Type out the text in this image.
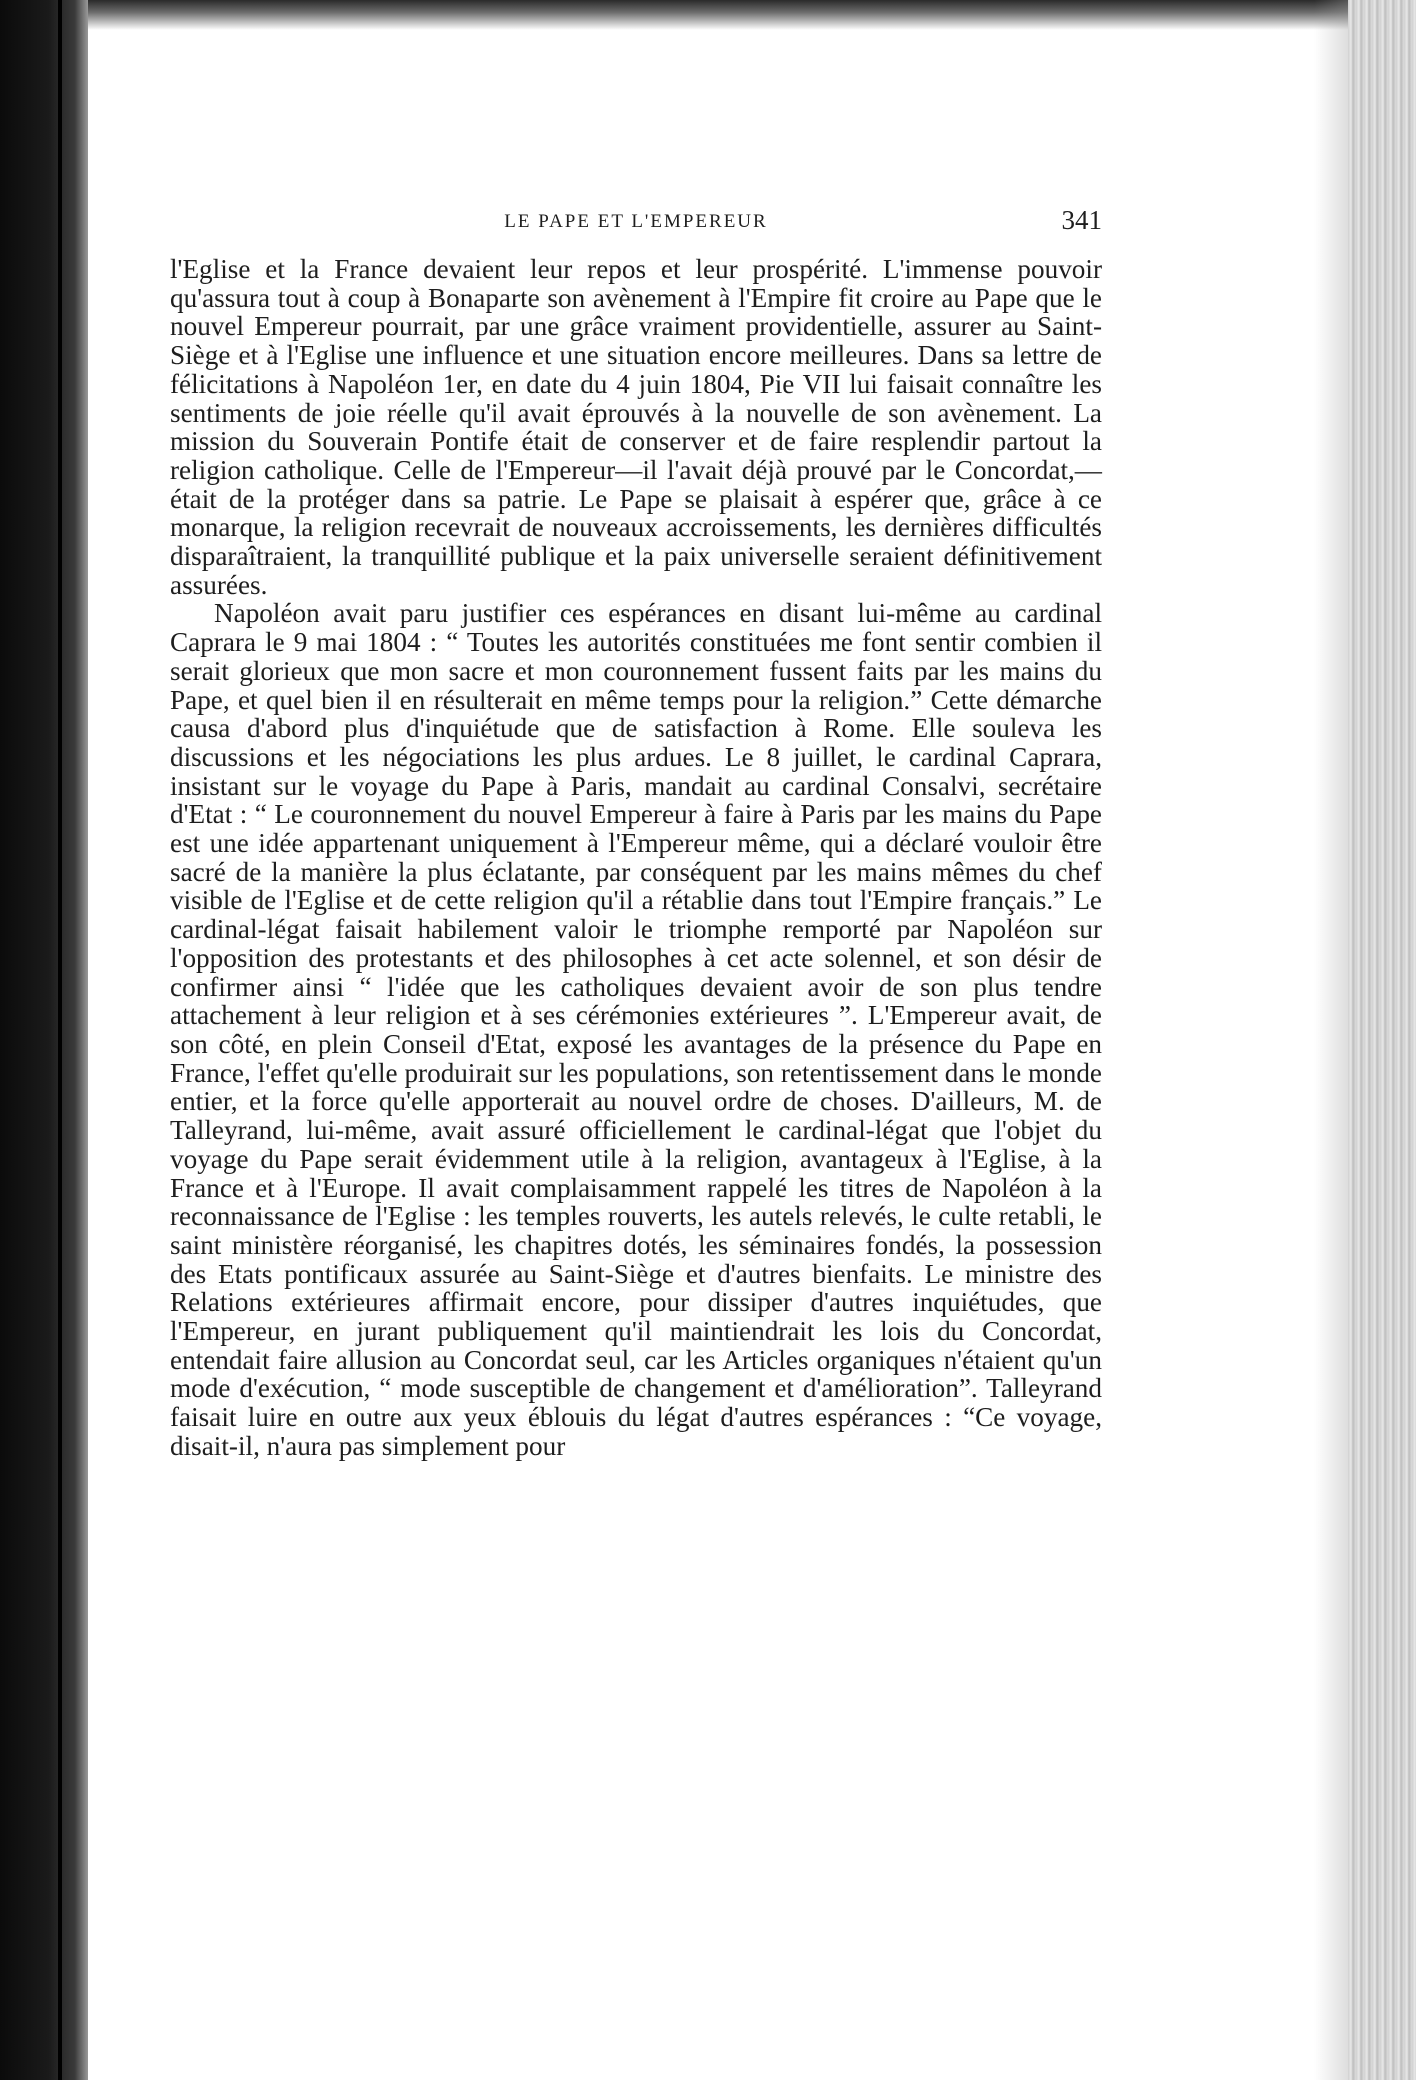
LE PAPE ET L'EMPEREUR	341

l'Eglise et la France devaient leur repos et leur prospérité. L'immense pouvoir qu'assura tout à coup à Bonaparte son avènement à l'Empire fit croire au Pape que le nouvel Empereur pourrait, par une grâce vraiment providentielle, assurer au Saint-Siège et à l'Eglise une influence et une situation encore meilleures. Dans sa lettre de félicitations à Napoléon 1er, en date du 4 juin 1804, Pie VII lui faisait connaître les sentiments de joie réelle qu'il avait éprouvés à la nouvelle de son avènement. La mission du Souverain Pontife était de conserver et de faire resplendir partout la religion catholique. Celle de l'Empereur—il l'avait déjà prouvé par le Concordat,—était de la protéger dans sa patrie. Le Pape se plaisait à espérer que, grâce à ce monarque, la religion recevrait de nouveaux accroissements, les dernières difficultés disparaîtraient, la tranquillité publique et la paix universelle seraient définitivement assurées.

Napoléon avait paru justifier ces espérances en disant lui-même au cardinal Caprara le 9 mai 1804 : “ Toutes les autorités constituées me font sentir combien il serait glorieux que mon sacre et mon couronnement fussent faits par les mains du Pape, et quel bien il en résulterait en même temps pour la religion.” Cette démarche causa d'abord plus d'inquiétude que de satisfaction à Rome. Elle souleva les discussions et les négociations les plus ardues. Le 8 juillet, le cardinal Caprara, insistant sur le voyage du Pape à Paris, mandait au cardinal Consalvi, secrétaire d'Etat : “ Le couronnement du nouvel Empereur à faire à Paris par les mains du Pape est une idée appartenant uniquement à l'Empereur même, qui a déclaré vouloir être sacré de la manière la plus éclatante, par conséquent par les mains mêmes du chef visible de l'Eglise et de cette religion qu'il a rétablie dans tout l'Empire français.” Le cardinal-légat faisait habilement valoir le triomphe remporté par Napoléon sur l'opposition des protestants et des philosophes à cet acte solennel, et son désir de confirmer ainsi “ l'idée que les catholiques devaient avoir de son plus tendre attachement à leur religion et à ses cérémonies extérieures ”. L'Empereur avait, de son côté, en plein Conseil d'Etat, exposé les avantages de la présence du Pape en France, l'effet qu'elle produirait sur les populations, son retentissement dans le monde entier, et la force qu'elle apporterait au nouvel ordre de choses. D'ailleurs, M. de Talleyrand, lui-même, avait assuré officiellement le cardinal-légat que l'objet du voyage du Pape serait évidemment utile à la religion, avantageux à l'Eglise, à la France et à l'Europe. Il avait complaisamment rappelé les titres de Napoléon à la reconnaissance de l'Eglise : les temples rouverts, les autels relevés, le culte retabli, le saint ministère réorganisé, les chapitres dotés, les séminaires fondés, la possession des Etats pontificaux assurée au Saint-Siège et d'autres bienfaits. Le ministre des Relations extérieures affirmait encore, pour dissiper d'autres inquiétudes, que l'Empereur, en jurant publiquement qu'il maintiendrait les lois du Concordat, entendait faire allusion au Concordat seul, car les Articles organiques n'étaient qu'un mode d'exécution, “ mode susceptible de changement et d'amélioration”. Talleyrand faisait luire en outre aux yeux éblouis du légat d'autres espérances : “Ce voyage, disait-il, n'aura pas simplement pour
